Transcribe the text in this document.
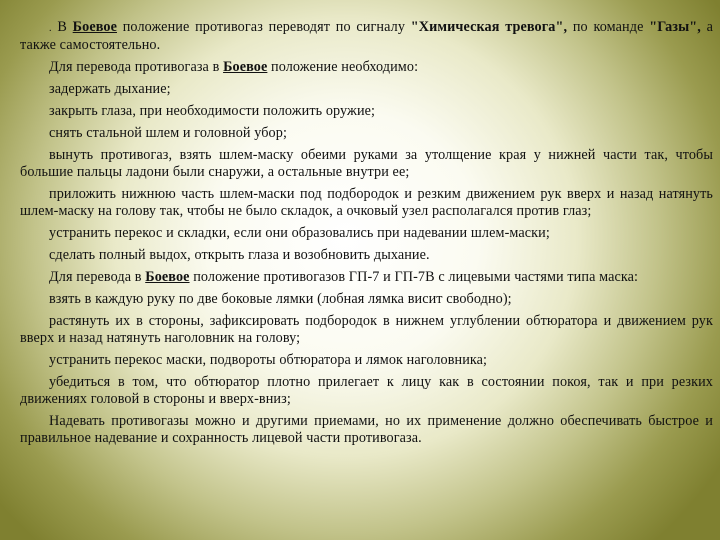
. В Боевое положение противогаз переводят по сигналу "Химическая тревога", по команде "Газы", а также самостоятельно.

Для перевода противогаза в Боевое положение необходимо:

задержать дыхание;

закрыть глаза, при необходимости положить оружие;

снять стальной шлем и головной убор;

вынуть противогаз, взять шлем-маску обеими руками за утолщение края у нижней части так, чтобы большие пальцы ладони были снаружи, а остальные внутри ее;

приложить нижнюю часть шлем-маски под подбородок и резким движением рук вверх и назад натянуть шлем-маску на голову так, чтобы не было складок, а очковый узел располагался против глаз;

устранить перекос и складки, если они образовались при надевании шлем-маски;

сделать полный выдох, открыть глаза и возобновить дыхание.

Для перевода в Боевое положение противогазов ГП-7 и ГП-7В с лицевыми частями типа маска:

взять в каждую руку по две боковые лямки (лобная лямка висит свободно);

растянуть их в стороны, зафиксировать подбородок в нижнем углублении обтюратора и движением рук вверх и назад натянуть наголовник на голову;

устранить перекос маски, подвороты обтюратора и лямок наголовника;

убедиться в том, что обтюратор плотно прилегает к лицу как в состоянии покоя, так и при резких движениях головой в стороны и вверх-вниз;

Надевать противогазы можно и другими приемами, но их применение должно обеспечивать быстрое и правильное надевание и сохранность лицевой части противогаза.
